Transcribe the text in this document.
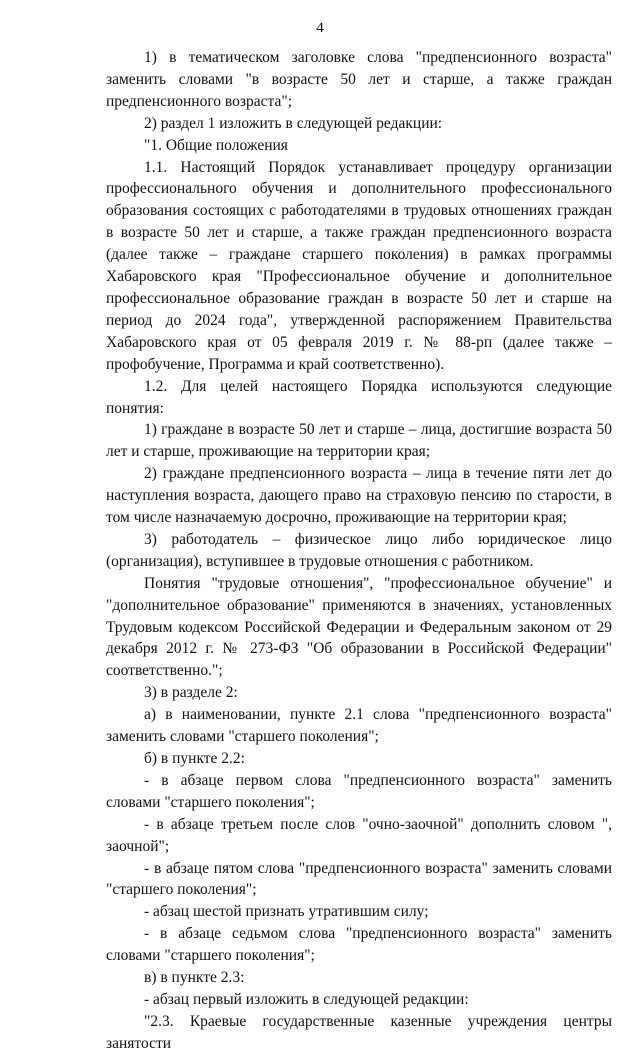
4

1) в тематическом заголовке слова "предпенсионного возраста" заменить словами "в возрасте 50 лет и старше, а также граждан предпенсионного возраста";

2) раздел 1 изложить в следующей редакции:

"1. Общие положения

1.1. Настоящий Порядок устанавливает процедуру организации профессионального обучения и дополнительного профессионального образования состоящих с работодателями в трудовых отношениях граждан в возрасте 50 лет и старше, а также граждан предпенсионного возраста (далее также – граждане старшего поколения) в рамках программы Хабаровского края "Профессиональное обучение и дополнительное профессиональное образование граждан в возрасте 50 лет и старше на период до 2024 года", утвержденной распоряжением Правительства Хабаровского края от 05 февраля 2019 г. № 88-рп (далее также – профобучение, Программа и край соответственно).

1.2. Для целей настоящего Порядка используются следующие понятия:

1) граждане в возрасте 50 лет и старше – лица, достигшие возраста 50 лет и старше, проживающие на территории края;

2) граждане предпенсионного возраста – лица в течение пяти лет до наступления возраста, дающего право на страховую пенсию по старости, в том числе назначаемую досрочно, проживающие на территории края;

3) работодатель – физическое лицо либо юридическое лицо (организация), вступившее в трудовые отношения с работником.

Понятия "трудовые отношения", "профессиональное обучение" и "дополнительное образование" применяются в значениях, установленных Трудовым кодексом Российской Федерации и Федеральным законом от 29 декабря 2012 г. № 273-ФЗ "Об образовании в Российской Федерации" соответственно.";

3) в разделе 2:

а) в наименовании, пункте 2.1 слова "предпенсионного возраста" заменить словами "старшего поколения";

б) в пункте 2.2:

- в абзаце первом слова "предпенсионного возраста" заменить словами "старшего поколения";

- в абзаце третьем после слов "очно-заочной" дополнить словом ", заочной";

- в абзаце пятом слова "предпенсионного возраста" заменить словами "старшего поколения";

- абзац шестой признать утратившим силу;

- в абзаце седьмом слова "предпенсионного возраста" заменить словами "старшего поколения";

в) в пункте 2.3:

- абзац первый изложить в следующей редакции:

"2.3. Краевые государственные казенные учреждения центры занятости
